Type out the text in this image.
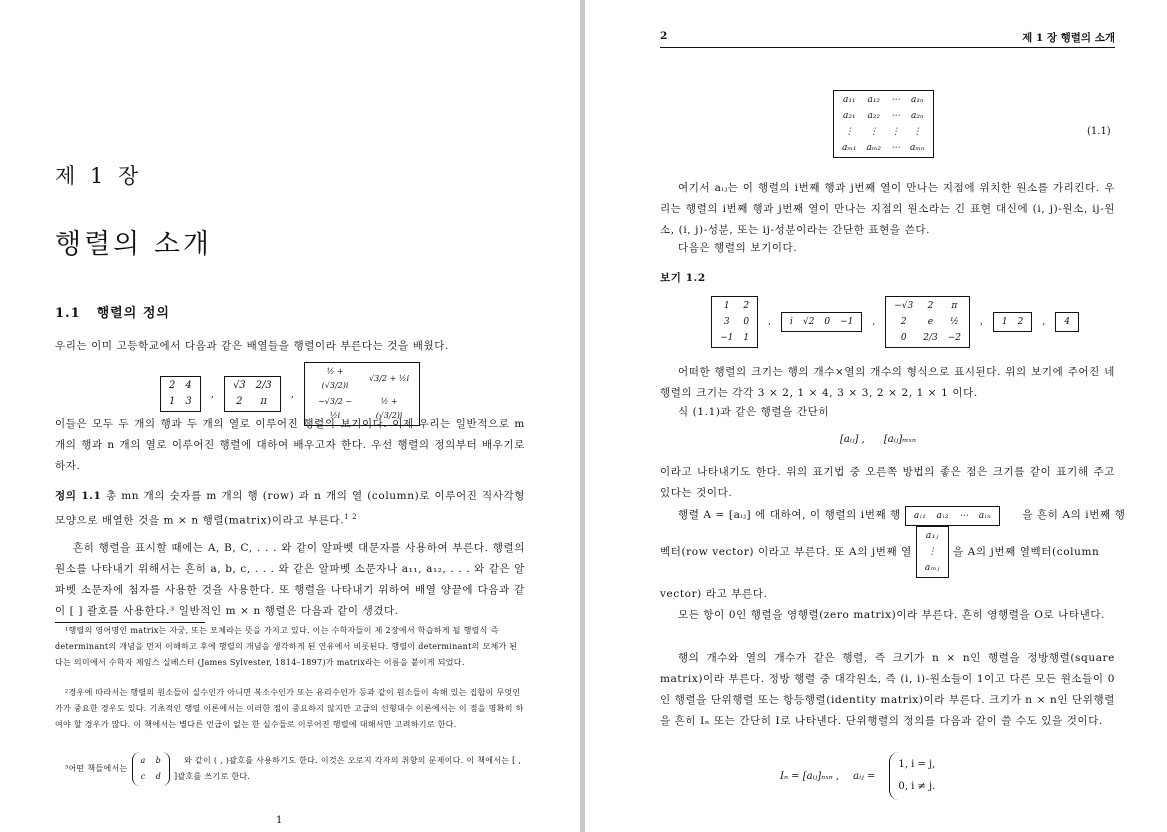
제 1 장
행렬의 소개
1.1 행렬의 정의
우리는 이미 고등학교에서 다음과 같은 배열들을 행렬이라 부른다는 것을 배웠다.
2	4
1	3
,
√3	2/3
2	π
,
½ + (√3/2)i	√3/2 + ½i
−√3/2 − ½i	½ + (√3/2)i
이들은 모두 두 개의 행과 두 개의 열로 이루어진 행렬의 보기이다. 이제 우리는 일반적으로 m 개의 행과 n 개의 열로 이루어진 행렬에 대하여 배우고자 한다. 우선 행렬의 정의부터 배우기로 하자.
정의 1.1 총 mn 개의 숫자를 m 개의 행 (row) 과 n 개의 열 (column)로 이루어진 직사각형 모양으로 배열한 것을 m × n 행렬(matrix)이라고 부른다.$^{1 2}$
흔히 행렬을 표시할 때에는 A, B, C, . . . 와 같이 알파벳 대문자를 사용하여 부른다. 행렬의 원소를 나타내기 위해서는 흔히 a, b, c, . . . 와 같은 알파벳 소문자나 a₁₁, a₁₂, . . . 와 같은 알파벳 소문자에 첨자를 사용한 것을 사용한다. 또 행렬을 나타내기 위하여 배열 양끝에 다음과 같이 [ ] 괄호를 사용한다.³ 일반적인 m × n 행렬은 다음과 같이 생겼다.
¹행렬의 영어명인 matrix는 자궁, 또는 모체라는 뜻을 가지고 있다. 이는 수학자들이 제 2장에서 학습하게 될 행렬식 즉 determinant의 개념을 먼저 이해하고 후에 행렬의 개념을 생각하게 된 연유에서 비롯된다. 행렬이 determinant의 모체가 된다는 의미에서 수학자 제임스 실베스터 (James Sylvester, 1814–1897)가 matrix라는 이름을 붙이게 되었다.
²경우에 따라서는 행렬의 원소들이 실수인가 아니면 복소수인가 또는 유리수인가 등과 같이 원소들이 속해 있는 집합이 무엇인가가 중요한 경우도 있다. 기초적인 행렬 이론에서는 이러한 점이 중요하지 않지만 고급의 선형대수 이론에서는 이 점을 명확히 하여야 할 경우가 많다. 이 책에서는 별다른 언급이 없는 한 실수들로 이루어진 행렬에 대해서만 고려하기로 한다.
³어떤 책들에서는
a	b
c	d
와 같이 ( , )괄호를 사용하기도 한다. 이것은 오로지 각자의 취향의 문제이다. 이 책에서는 [ , ]괄호를 쓰기로 한다.
1
2	제 1 장 행렬의 소개
a₁₁	a₁₂	⋯	a₁ₙ
a₂₁	a₂₂	⋯	a₂ₙ
⋮	⋮	⋮	⋮
aₘ₁	aₘ₂	⋯	aₘₙ
(1.1)
여기서 aᵢⱼ는 이 행렬의 i번째 행과 j번째 열이 만나는 지점에 위치한 원소를 가리킨다. 우리는 행렬의 i번째 행과 j번째 열이 만나는 지점의 원소라는 긴 표현 대신에 (i, j)-원소, ij-원소, (i, j)-성분, 또는 ij-성분이라는 간단한 표현을 쓴다.
다음은 행렬의 보기이다.
보기 1.2
1	2
3	0
−1	1
, i	√2	0	−1 ,
−√3	2	π
2	e	½
0	2/3	−2
, 1	2 , 4
어떠한 행렬의 크기는 행의 개수×열의 개수의 형식으로 표시된다. 위의 보기에 주어진 네 행렬의 크기는 각각 3 × 2, 1 × 4, 3 × 3, 2 × 2, 1 × 1 이다.
식 (1.1)과 같은 행렬을 간단히
[aᵢⱼ] ,      [aᵢⱼ]ₘₓₙ
이라고 나타내기도 한다. 위의 표기법 중 오른쪽 방법의 좋은 점은 크기를 같이 표기해 주고 있다는 것이다.
행렬 A = [aᵢⱼ] 에 대하여, 이 행렬의 i번째 행 aᵢ₁	aᵢ₂	⋯	aᵢₙ	을 흔히 A의 i번째 행
벡터(row vector) 이라고 부른다. 또 A의 j번째 열
a₁ⱼ
⋮
aₘⱼ
을 A의 j번째 열벡터(column
vector) 라고 부른다.
모든 항이 0인 행렬을 영행렬(zero matrix)이라 부른다. 흔히 영행렬을 O로 나타낸다.
행의 개수와 열의 개수가 같은 행렬, 즉 크기가 n × n인 행렬을 정방행렬(square matrix)이라 부른다. 정방 행렬 중 대각원소, 즉 (i, i)-원소들이 1이고 다른 모든 원소들이 0인 행렬을 단위행렬 또는 항등행렬(identity matrix)이라 부른다. 크기가 n × n인 단위행렬을 흔히 Iₙ 또는 간단히 I로 나타낸다. 단위행렬의 정의를 다음과 같이 쓸 수도 있을 것이다.
Iₙ = [aᵢⱼ]ₙₓₙ , aᵢⱼ =
1, i = j,
0, i ≠ j.
